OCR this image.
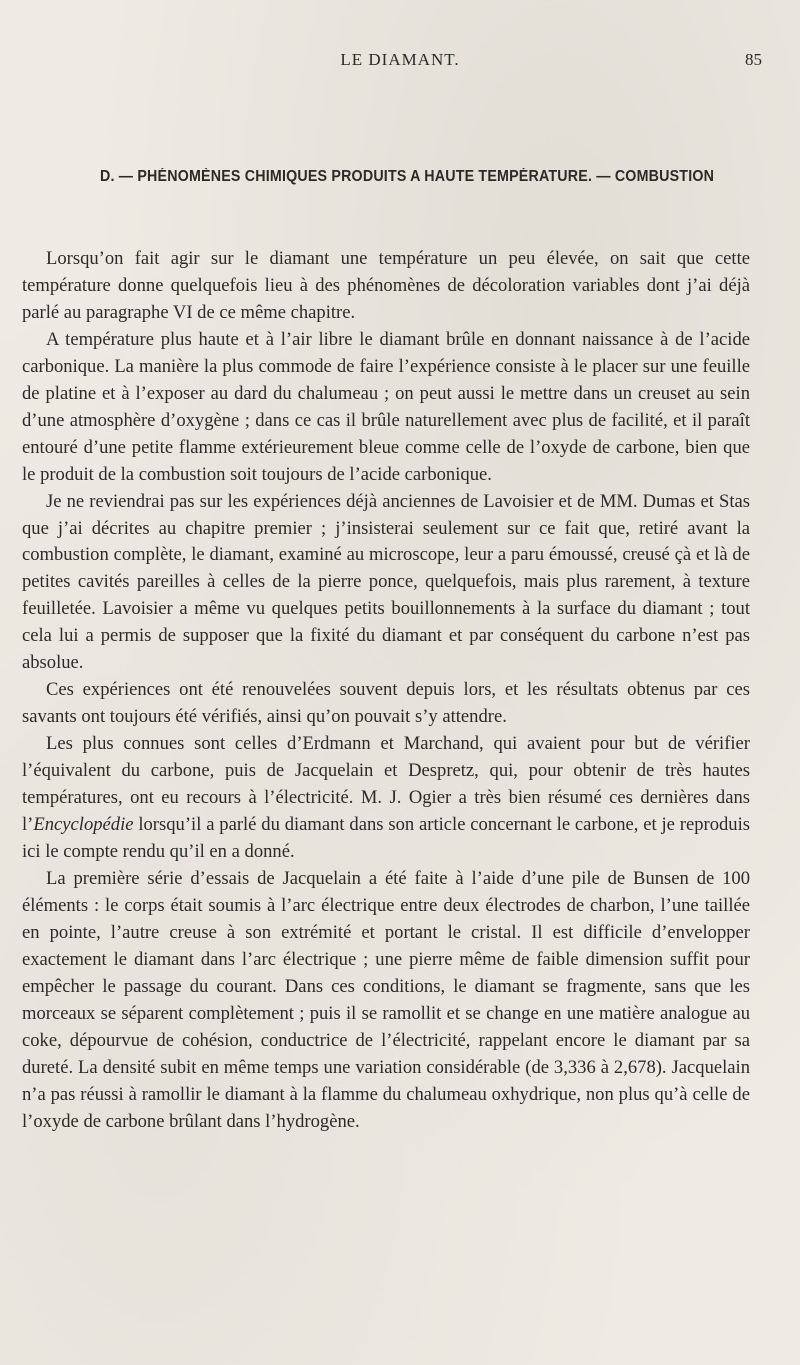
LE DIAMANT.	85
D. — PHÉNOMÈNES CHIMIQUES PRODUITS A HAUTE TEMPÉRATURE. — COMBUSTION

Lorsqu’on fait agir sur le diamant une température un peu élevée, on sait que cette température donne quelquefois lieu à des phénomènes de décoloration variables dont j’ai déjà parlé au paragraphe VI de ce même chapitre.

A température plus haute et à l’air libre le diamant brûle en donnant naissance à de l’acide carbonique. La manière la plus commode de faire l’expérience consiste à le placer sur une feuille de platine et à l’exposer au dard du chalumeau ; on peut aussi le mettre dans un creuset au sein d’une atmosphère d’oxygène ; dans ce cas il brûle naturellement avec plus de facilité, et il paraît entouré d’une petite flamme extérieurement bleue comme celle de l’oxyde de carbone, bien que le produit de la combustion soit toujours de l’acide carbonique.

Je ne reviendrai pas sur les expériences déjà anciennes de Lavoisier et de MM. Dumas et Stas que j’ai décrites au chapitre premier ; j’insisterai seulement sur ce fait que, retiré avant la combustion complète, le diamant, examiné au microscope, leur a paru émoussé, creusé çà et là de petites cavités pareilles à celles de la pierre ponce, quelquefois, mais plus rarement, à texture feuilletée. Lavoisier a même vu quelques petits bouillonnements à la surface du diamant ; tout cela lui a permis de supposer que la fixité du diamant et par conséquent du carbone n’est pas absolue.

Ces expériences ont été renouvelées souvent depuis lors, et les résultats obtenus par ces savants ont toujours été vérifiés, ainsi qu’on pouvait s’y attendre.

Les plus connues sont celles d’Erdmann et Marchand, qui avaient pour but de vérifier l’équivalent du carbone, puis de Jacquelain et Despretz, qui, pour obtenir de très hautes températures, ont eu recours à l’électricité. M. J. Ogier a très bien résumé ces dernières dans l’Encyclopédie lorsqu’il a parlé du diamant dans son article concernant le carbone, et je reproduis ici le compte rendu qu’il en a donné.

La première série d’essais de Jacquelain a été faite à l’aide d’une pile de Bunsen de 100 éléments : le corps était soumis à l’arc électrique entre deux électrodes de charbon, l’une taillée en pointe, l’autre creuse à son extrémité et portant le cristal. Il est difficile d’envelopper exactement le diamant dans l’arc électrique ; une pierre même de faible dimension suffit pour empêcher le passage du courant. Dans ces conditions, le diamant se fragmente, sans que les morceaux se séparent complètement ; puis il se ramollit et se change en une matière analogue au coke, dépourvue de cohésion, conductrice de l’électricité, rappelant encore le diamant par sa dureté. La densité subit en même temps une variation considérable (de 3,336 à 2,678). Jacquelain n’a pas réussi à ramollir le diamant à la flamme du chalumeau oxhydrique, non plus qu’à celle de l’oxyde de carbone brûlant dans l’hydrogène.
